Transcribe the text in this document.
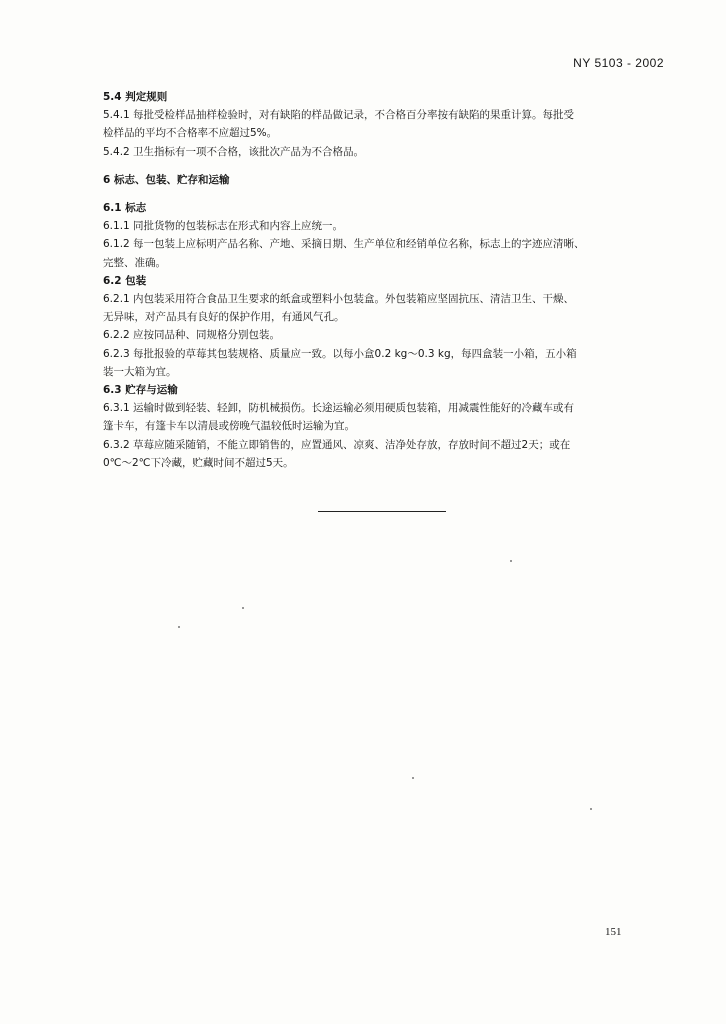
NY 5103 - 2002
5.4 判定规则
5.4.1 每批受检样品抽样检验时，对有缺陷的样品做记录，不合格百分率按有缺陷的果重计算。每批受
检样品的平均不合格率不应超过5%。
5.4.2 卫生指标有一项不合格，该批次产品为不合格品。
6 标志、包装、贮存和运输
6.1 标志
6.1.1 同批货物的包装标志在形式和内容上应统一。
6.1.2 每一包装上应标明产品名称、产地、采摘日期、生产单位和经销单位名称，标志上的字迹应清晰、
完整、准确。
6.2 包装
6.2.1 内包装采用符合食品卫生要求的纸盒或塑料小包装盒。外包装箱应坚固抗压、清洁卫生、干燥、
无异味，对产品具有良好的保护作用，有通风气孔。
6.2.2 应按同品种、同规格分别包装。
6.2.3 每批报验的草莓其包装规格、质量应一致。以每小盒0.2 kg～0.3 kg，每四盒装一小箱，五小箱
装一大箱为宜。
6.3 贮存与运输
6.3.1 运输时做到轻装、轻卸，防机械损伤。长途运输必须用硬质包装箱，用减震性能好的冷藏车或有
篷卡车，有篷卡车以清晨或傍晚气温较低时运输为宜。
6.3.2 草莓应随采随销，不能立即销售的，应置通风、凉爽、洁净处存放，存放时间不超过2天；或在
0℃～2℃下冷藏，贮藏时间不超过5天。
151
